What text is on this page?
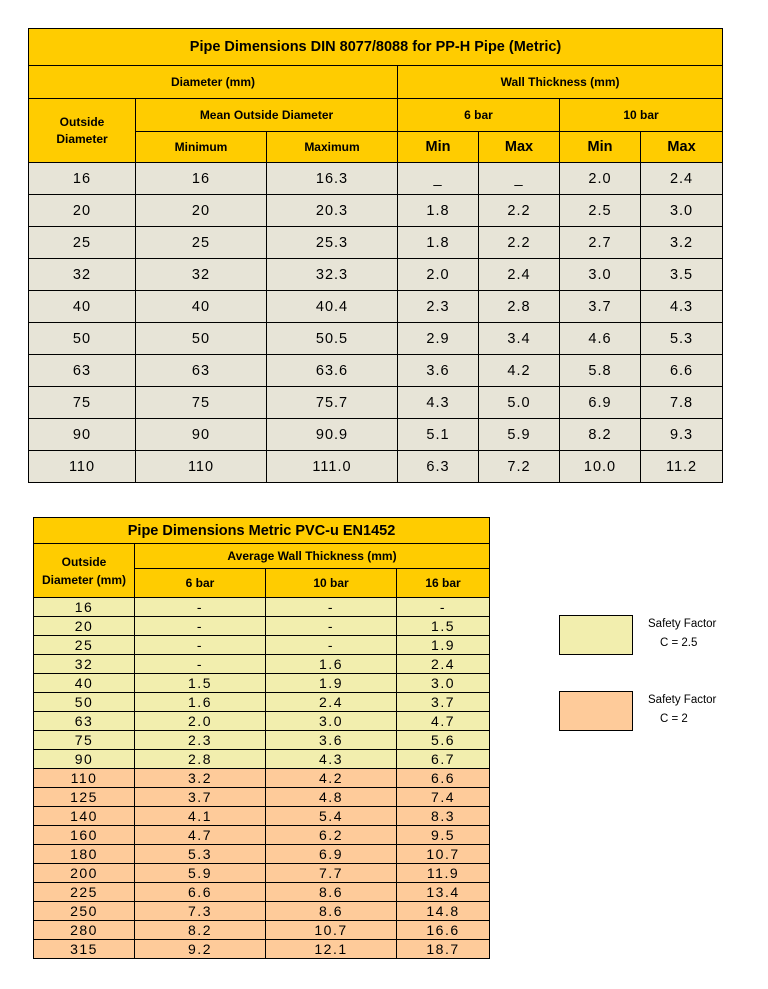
Pipe Dimensions DIN 8077/8088 for PP-H Pipe (Metric)						
Diameter (mm)			Wall Thickness (mm)			
Outside
Diameter	Mean Outside Diameter		6 bar		10 bar	
	Minimum	Maximum	Min	Max	Min	Max
16	16	16.3	_	_	2.0	2.4
20	20	20.3	1.8	2.2	2.5	3.0
25	25	25.3	1.8	2.2	2.7	3.2
32	32	32.3	2.0	2.4	3.0	3.5
40	40	40.4	2.3	2.8	3.7	4.3
50	50	50.5	2.9	3.4	4.6	5.3
63	63	63.6	3.6	4.2	5.8	6.6
75	75	75.7	4.3	5.0	6.9	7.8
90	90	90.9	5.1	5.9	8.2	9.3
110	110	111.0	6.3	7.2	10.0	11.2
Pipe Dimensions Metric PVC-u EN1452			
Outside
Diameter (mm)	Average Wall Thickness (mm)		
	6 bar	10 bar	16 bar
16	-	-	-
20	-	-	1.5
25	-	-	1.9
32	-	1.6	2.4
40	1.5	1.9	3.0
50	1.6	2.4	3.7
63	2.0	3.0	4.7
75	2.3	3.6	5.6
90	2.8	4.3	6.7
110	3.2	4.2	6.6
125	3.7	4.8	7.4
140	4.1	5.4	8.3
160	4.7	6.2	9.5
180	5.3	6.9	10.7
200	5.9	7.7	11.9
225	6.6	8.6	13.4
250	7.3	8.6	14.8
280	8.2	10.7	16.6
315	9.2	12.1	18.7
Safety Factor
C = 2.5
Safety Factor
C = 2
